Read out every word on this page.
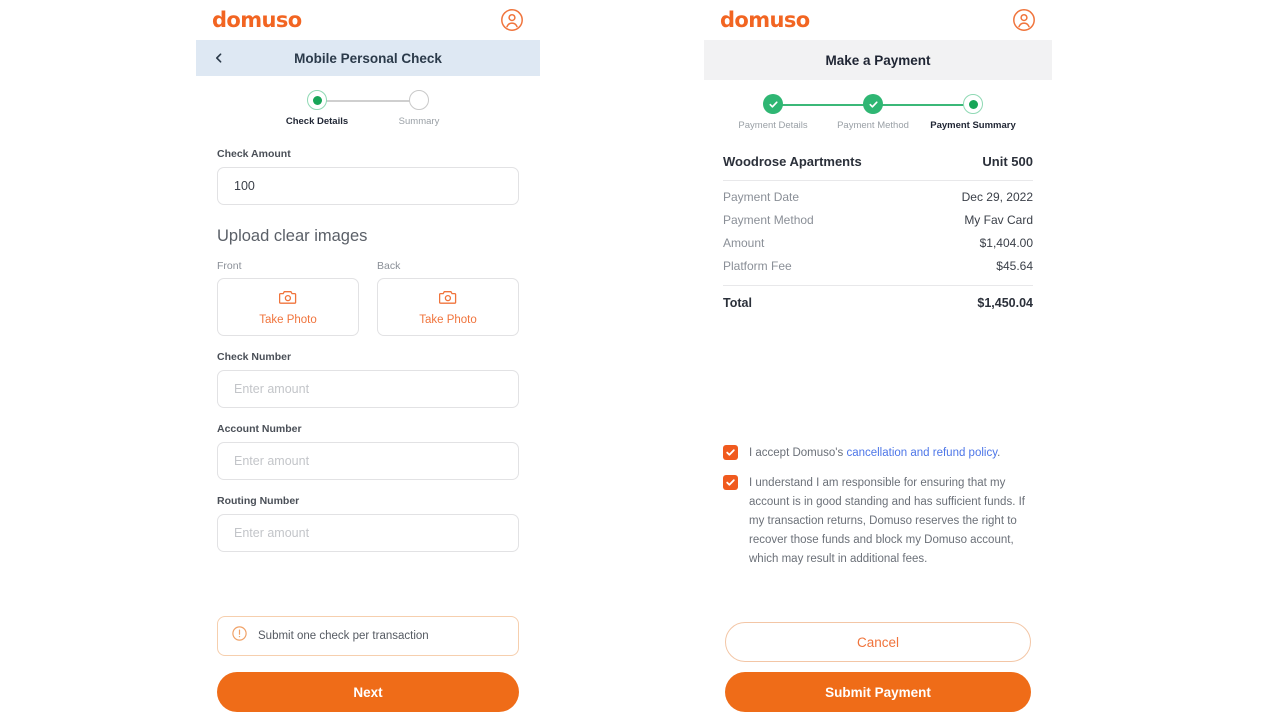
domuso
Mobile Personal Check
Check Details	Summary
Check Amount
100
Upload clear images
Front
Take Photo
Back
Take Photo
Check Number
Enter amount
Account Number
Enter amount
Routing Number
Enter amount
Submit one check per transaction
Next
domuso
Make a Payment
Payment Details	Payment Method Payment Summary
Woodrose Apartments	Unit 500
Payment Date	Dec 29, 2022
Payment Method	My Fav Card
Amount	$1,404.00
Platform Fee	$45.64
Total	$1,450.04
I accept Domuso's cancellation and refund policy.
I understand I am responsible for ensuring that my account is in good standing and has sufficient funds. If my transaction returns, Domuso reserves the right to recover those funds and block my Domuso account, which may result in additional fees.
Cancel
Submit Payment
